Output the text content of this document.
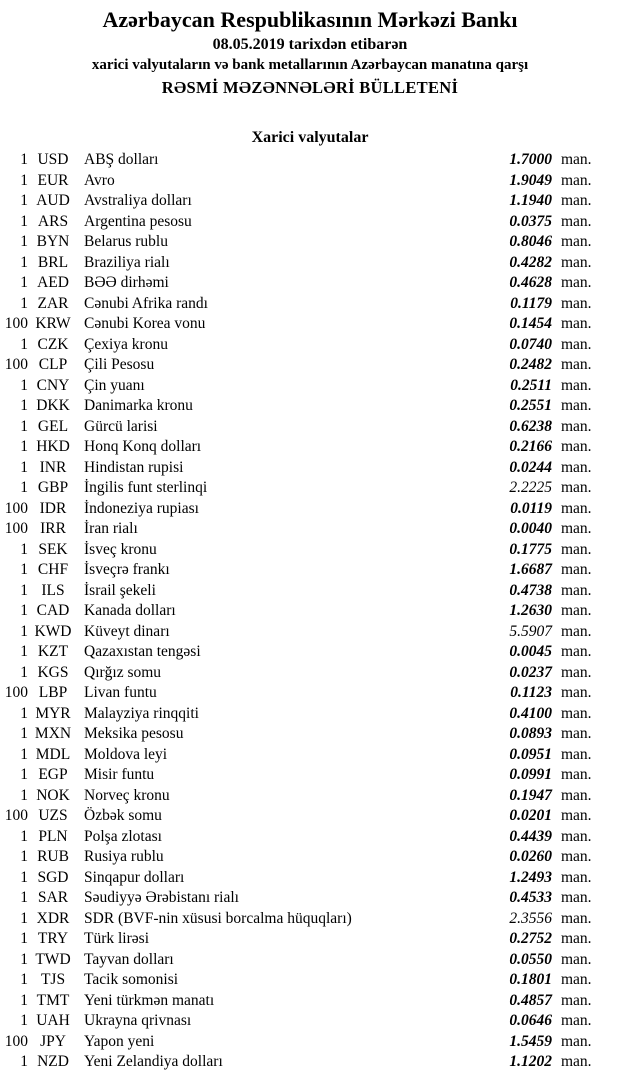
Azərbaycan Respublikasının Mərkəzi Bankı
08.05.2019 tarixdən etibarən
xarici valyutaların və bank metallarının Azərbaycan manatına qarşı
RƏSMİ MƏZƏNNƏLƏRİ BÜLLETENİ
Xarici valyutalar
1 USD	ABŞ dolları	1.7000 man.
1 EUR	Avro	1.9049 man.
1 AUD Avstraliya dolları	1.1940 man.
1 ARS	Argentina pesosu	0.0375 man.
1 BYN Belarus rublu	0.8046 man.
1 BRL	Braziliya rialı	0.4282 man.
1 AED BƏƏ dirhəmi	0.4628 man.
1 ZAR	Cənubi Afrika randı	0.1179 man.
100 KRW Cənubi Korea vonu	0.1454 man.
1 CZK	Çexiya kronu	0.0740 man.
100 CLP	Çili Pesosu	0.2482 man.
1 CNY Çin yuanı	0.2511 man.
1 DKK Danimarka kronu	0.2551 man.
1 GEL	Gürcü larisi	0.6238 man.
1 HKD Honq Konq dolları	0.2166 man.
1 INR	Hindistan rupisi	0.0244 man.
1 GBP	İngilis funt sterlinqi	2.2225 man.
100 IDR	İndoneziya rupiası	0.0119 man.
100 IRR	İran rialı	0.0040 man.
1 SEK	İsveç kronu	0.1775 man.
1 CHF	İsveçrə frankı	1.6687 man.
1 ILS	İsrail şekeli	0.4738 man.
1 CAD Kanada dolları	1.2630 man.
1 KWD Küveyt dinarı	5.5907 man.
1 KZT	Qazaxıstan tengəsi	0.0045 man.
1 KGS	Qırğız somu	0.0237 man.
100 LBP	Livan funtu	0.1123 man.
1 MYR Malayziya rinqqiti	0.4100 man.
1 MXN Meksika pesosu	0.0893 man.
1 MDL Moldova leyi	0.0951 man.
1 EGP	Misir funtu	0.0991 man.
1 NOK Norveç kronu	0.1947 man.
100 UZS	Özbək somu	0.0201 man.
1 PLN	Polşa zlotası	0.4439 man.
1 RUB Rusiya rublu	0.0260 man.
1 SGD	Sinqapur dolları	1.2493 man.
1 SAR	Səudiyyə Ərəbistanı rialı	0.4533 man.
1 XDR SDR (BVF-nin xüsusi borcalma hüquqları)	2.3556 man.
1 TRY	Türk lirəsi	0.2752 man.
1 TWD Tayvan dolları	0.0550 man.
1 TJS	Tacik somonisi	0.1801 man.
1 TMT Yeni türkmən manatı	0.4857 man.
1 UAH Ukrayna qrivnası	0.0646 man.
100 JPY	Yapon yeni	1.5459 man.
1 NZD Yeni Zelandiya dolları	1.1202 man.
